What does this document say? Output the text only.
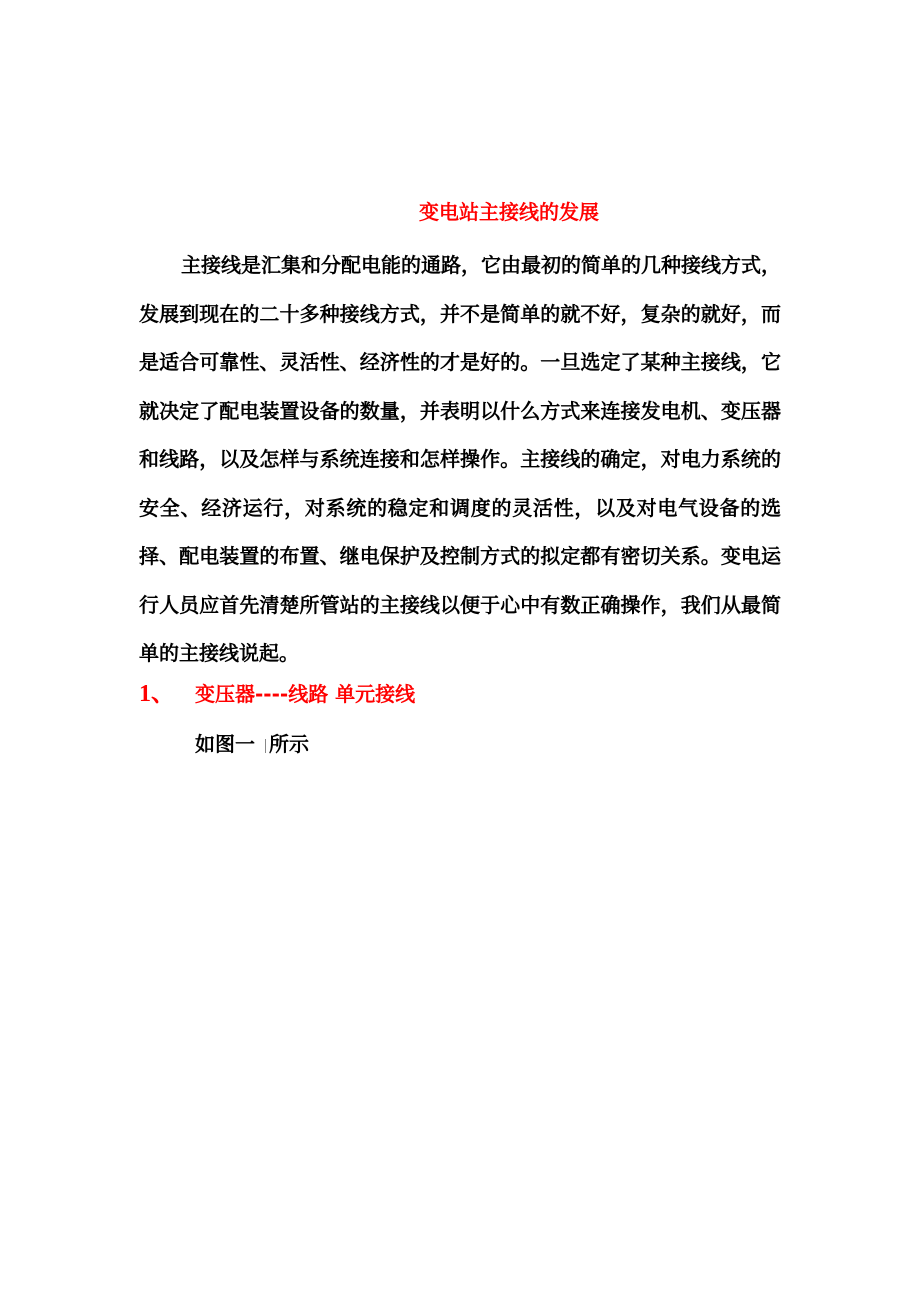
变电站主接线的发展

主接线是汇集和分配电能的通路，它由最初的简单的几种接线方式，发展到现在的二十多种接线方式，并不是简单的就不好，复杂的就好，而是适合可靠性、灵活性、经济性的才是好的。一旦选定了某种主接线，它就决定了配电装置设备的数量，并表明以什么方式来连接发电机、变压器和线路，以及怎样与系统连接和怎样操作。主接线的确定，对电力系统的安全、经济运行，对系统的稳定和调度的灵活性，以及对电气设备的选择、配电装置的布置、继电保护及控制方式的拟定都有密切关系。变电运行人员应首先清楚所管站的主接线以便于心中有数正确操作，我们从最简单的主接线说起。

1、 变压器----线路 单元接线

如图一 所示
